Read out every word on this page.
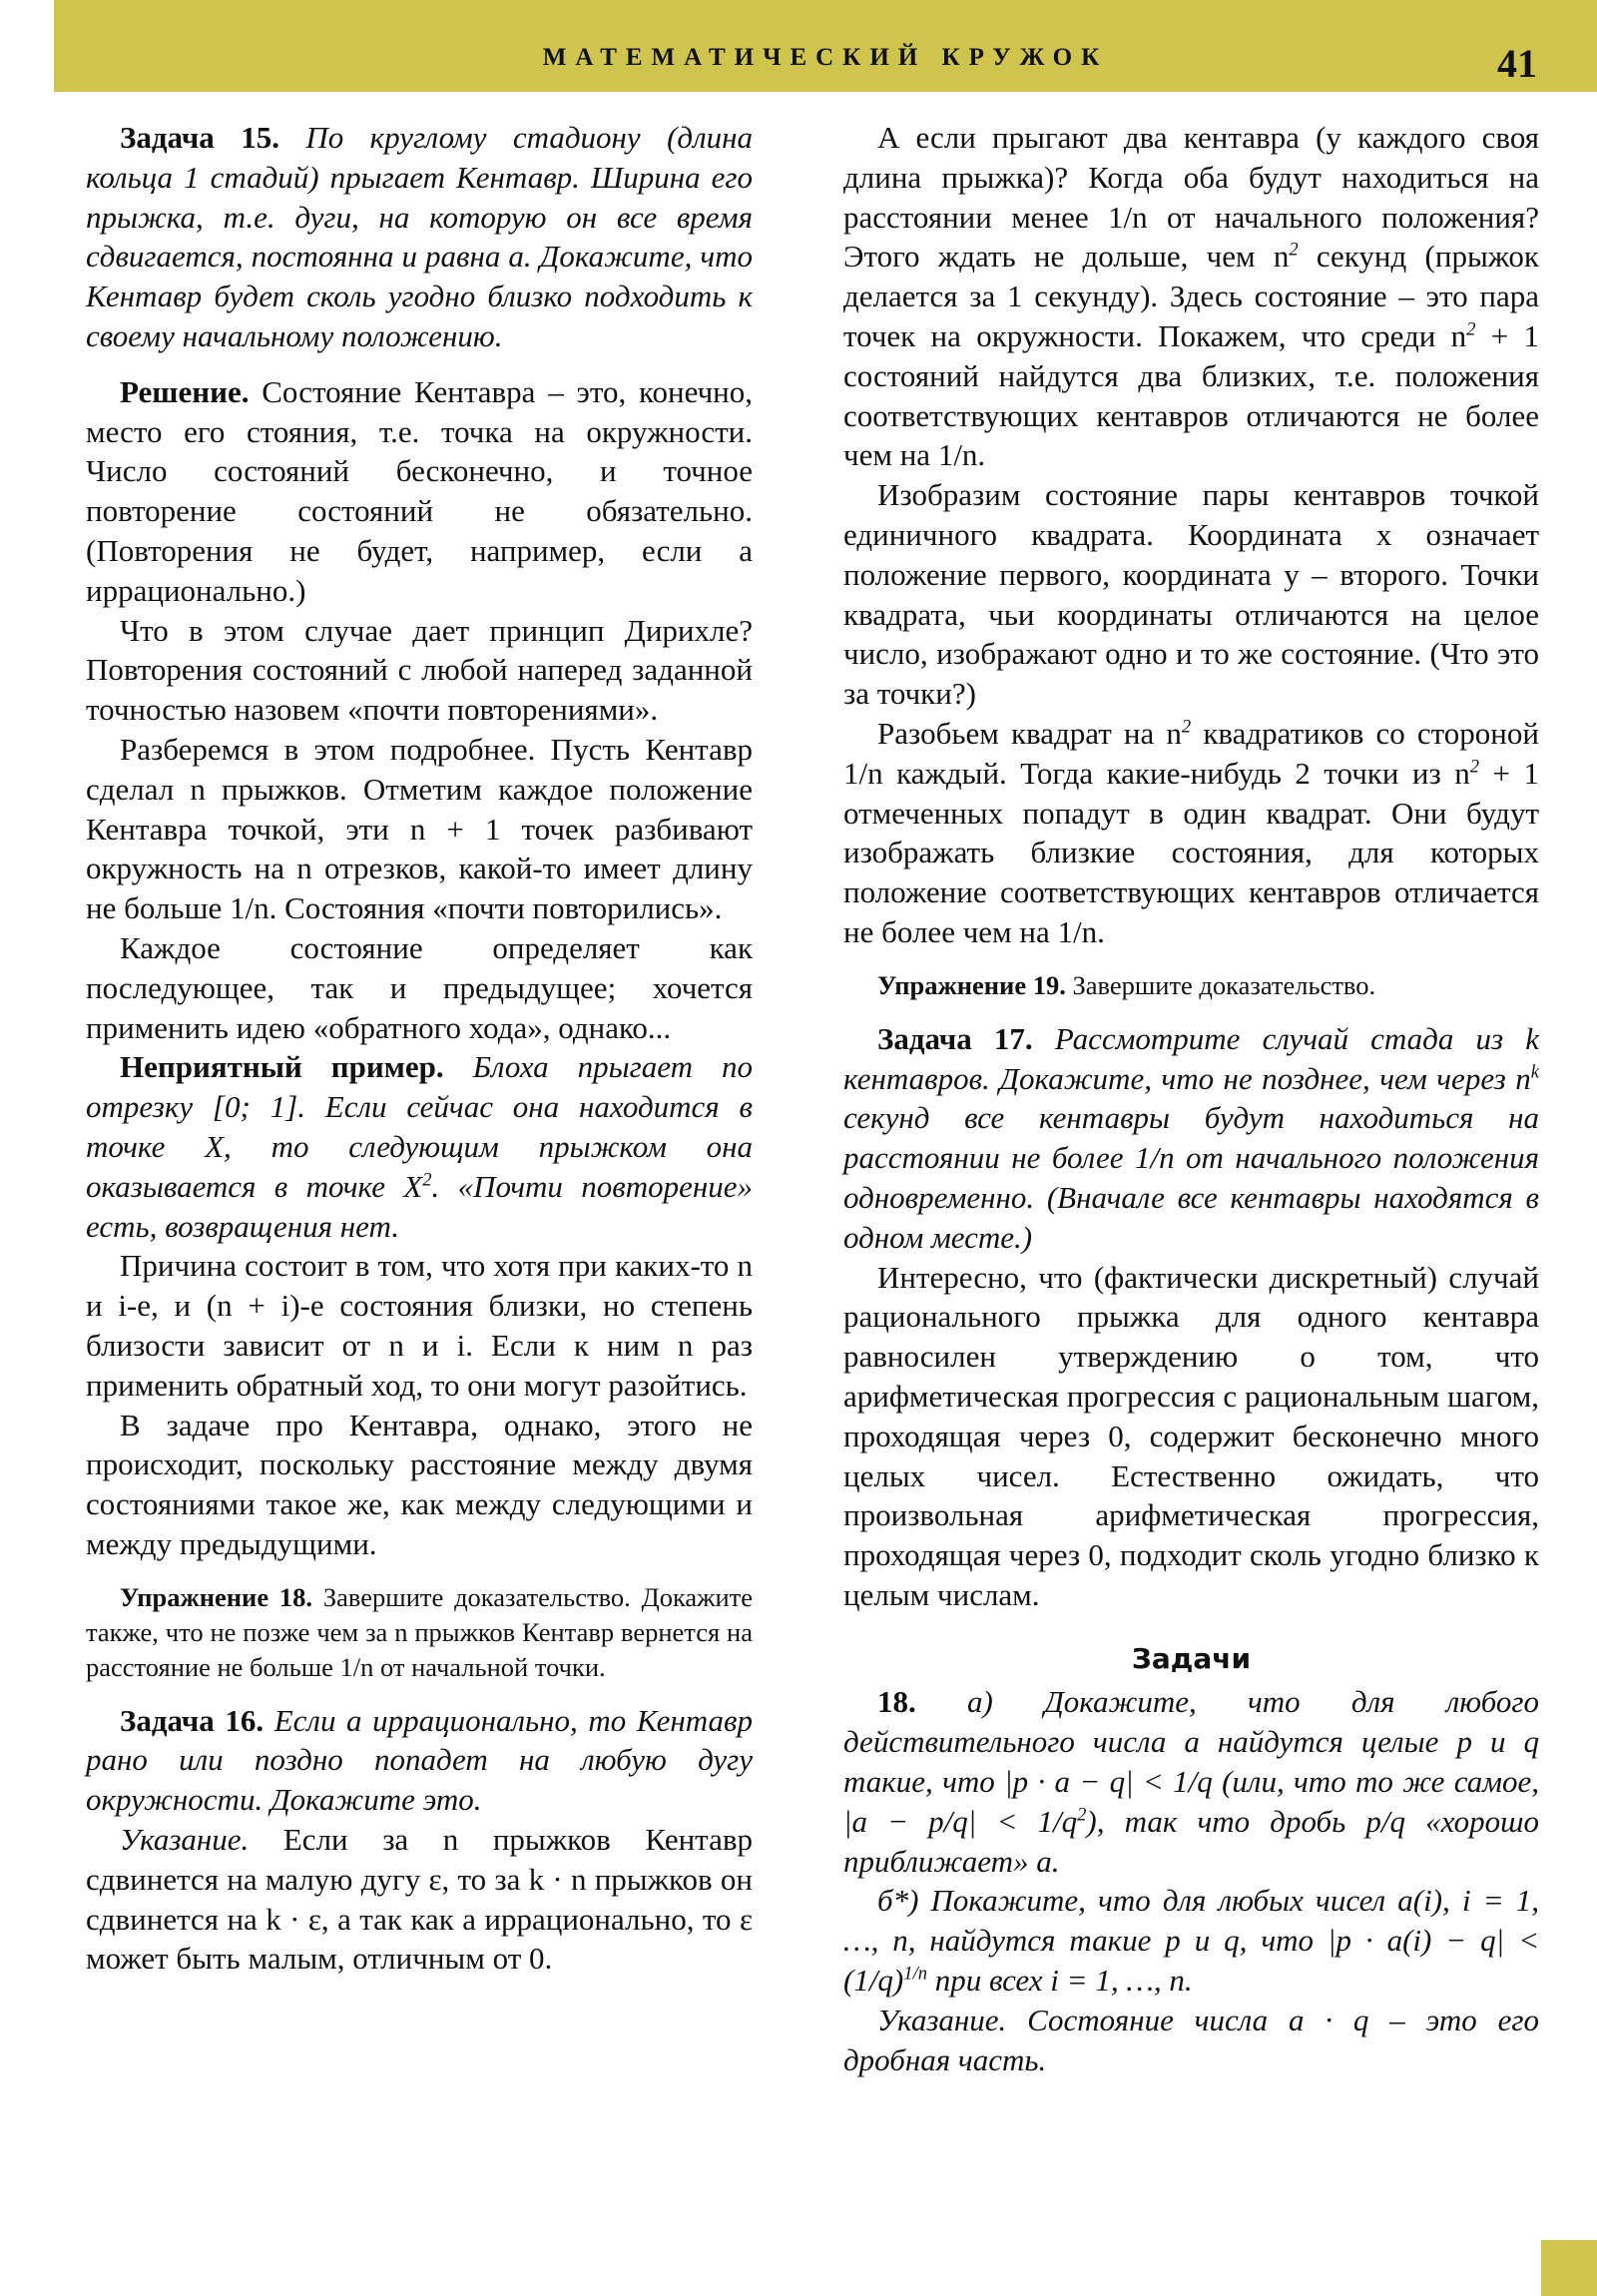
МАТЕМАТИЧЕСКИЙ КРУЖОК	41

Задача 15. По круглому стадиону (длина кольца 1 стадий) прыгает Кентавр. Ширина его прыжка, т.е. дуги, на которую он все время сдвигается, постоянна и равна a. Докажите, что Кентавр будет сколь угодно близко подходить к своему начальному положению.

Решение. Состояние Кентавра – это, конечно, место его стояния, т.е. точка на окружности. Число состояний бесконечно, и точное повторение состояний не обязательно. (Повторения не будет, например, если a иррационально.)

Что в этом случае дает принцип Дирихле? Повторения состояний с любой наперед заданной точностью назовем «почти повторениями».

Разберемся в этом подробнее. Пусть Кентавр сделал n прыжков. Отметим каждое положение Кентавра точкой, эти n + 1 точек разбивают окружность на n отрезков, какой-то имеет длину не больше 1/n. Состояния «почти повторились».

Каждое состояние определяет как последующее, так и предыдущее; хочется применить идею «обратного хода», однако...

Неприятный пример. Блоха прыгает по отрезку [0; 1]. Если сейчас она находится в точке X, то следующим прыжком она оказывается в точке $X^2$. «Почти повторение» есть, возвращения нет.

Причина состоит в том, что хотя при каких-то n и i-е, и (n + i)-е состояния близки, но степень близости зависит от n и i. Если к ним n раз применить обратный ход, то они могут разойтись.

В задаче про Кентавра, однако, этого не происходит, поскольку расстояние между двумя состояниями такое же, как между следующими и между предыдущими.

Упражнение 18. Завершите доказательство. Докажите также, что не позже чем за n прыжков Кентавр вернется на расстояние не больше 1/n от начальной точки.

Задача 16. Если a иррационально, то Кентавр рано или поздно попадет на любую дугу окружности. Докажите это.

Указание. Если за n прыжков Кентавр сдвинется на малую дугу ε, то за k · n прыжков он сдвинется на k · ε, а так как a иррационально, то ε может быть малым, отличным от 0.

А если прыгают два кентавра (у каждого своя длина прыжка)? Когда оба будут находиться на расстоянии менее 1/n от начального положения? Этого ждать не дольше, чем $n^2$ секунд (прыжок делается за 1 секунду). Здесь состояние – это пара точек на окружности. Покажем, что среди $n^2 + 1$ состояний найдутся два близких, т.е. положения соответствующих кентавров отличаются не более чем на 1/n.

Изобразим состояние пары кентавров точкой единичного квадрата. Координата x означает положение первого, координата y – второго. Точки квадрата, чьи координаты отличаются на целое число, изображают одно и то же состояние. (Что это за точки?)

Разобьем квадрат на $n^2$ квадратиков со стороной 1/n каждый. Тогда какие-нибудь 2 точки из $n^2 + 1$ отмеченных попадут в один квадрат. Они будут изображать близкие состояния, для которых положение соответствующих кентавров отличается не более чем на 1/n.

Упражнение 19. Завершите доказательство.

Задача 17. Рассмотрите случай стада из k кентавров. Докажите, что не позднее, чем через $n^k$ секунд все кентавры будут находиться на расстоянии не более 1/n от начального положения одновременно. (Вначале все кентавры находятся в одном месте.)

Интересно, что (фактически дискретный) случай рационального прыжка для одного кентавра равносилен утверждению о том, что арифметическая прогрессия с рациональным шагом, проходящая через 0, содержит бесконечно много целых чисел. Естественно ожидать, что произвольная арифметическая прогрессия, проходящая через 0, подходит сколь угодно близко к целым числам.

Задачи

18. а) Докажите, что для любого действительного числа a найдутся целые p и q такие, что |p · a − q| < 1/q (или, что то же самое, $|a - p/q| < 1/q^2$), так что дробь p/q «хорошо приближает» a.

б*) Покажите, что для любых чисел a(i), i = 1, …, n, найдутся такие p и q, что $|p \cdot a(i) - q| < (1/q)^{1/n}$ при всех i = 1, …, n.

Указание. Состояние числа a · q – это его дробная часть.
